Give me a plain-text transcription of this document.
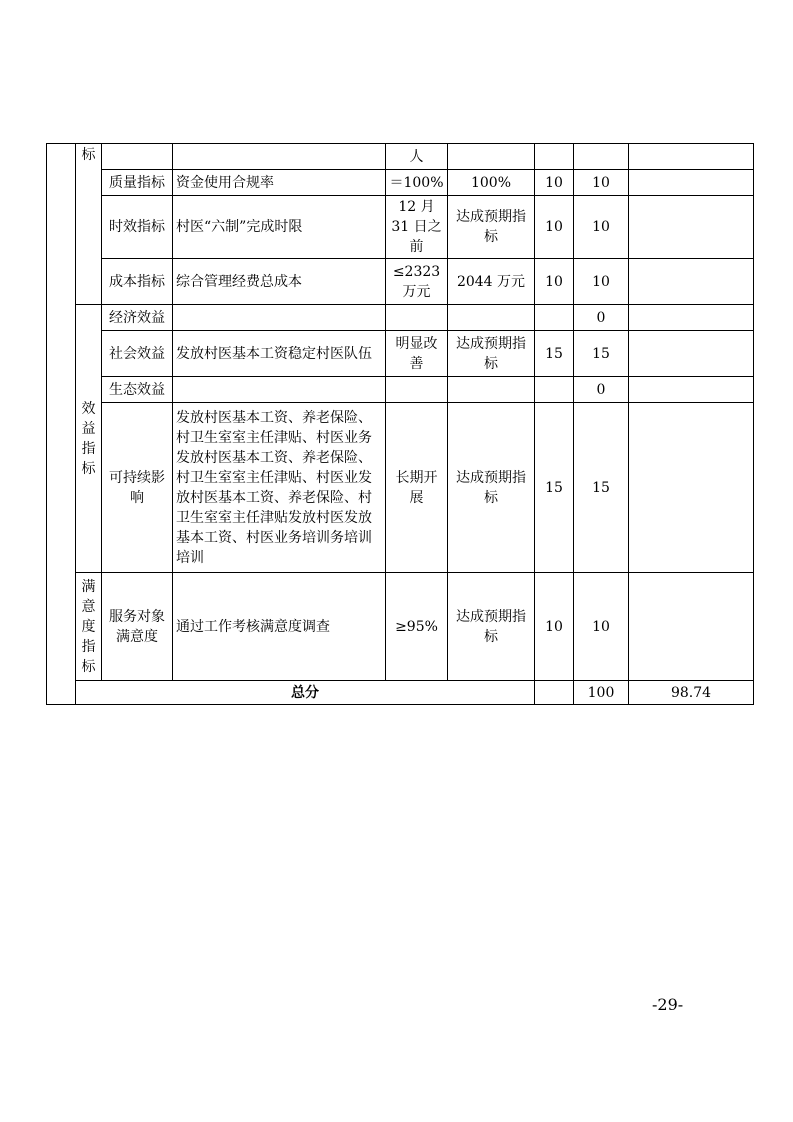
	标			人					
		质量指标	资金使用合规率	＝100%	100%	10	10		
		时效指标	村医“六制”完成时限	12 月 31 日之前	达成预期指标	10	10		
		成本指标	综合管理经费总成本	≤2323 万元	2044 万元	10	10		

	效益指标	经济效益					0		
		社会效益	发放村医基本工资稳定村医队伍	明显改善	达成预期指标	15	15		
		生态效益					0		
		可持续影响	发放村医基本工资、养老保险、村卫生室室主任津贴、村医业务发放村医基本工资、养老保险、村卫生室室主任津贴、村医业发放村医基本工资、养老保险、村卫生室室主任津贴发放村医发放基本工资、村医业务培训务培训培训	长期开展	达成预期指标	15	15		

	满意度指标	服务对象满意度	通过工作考核满意度调查	≥95%	达成预期指标	10	10		
	总分						100	98.74	
-29-
